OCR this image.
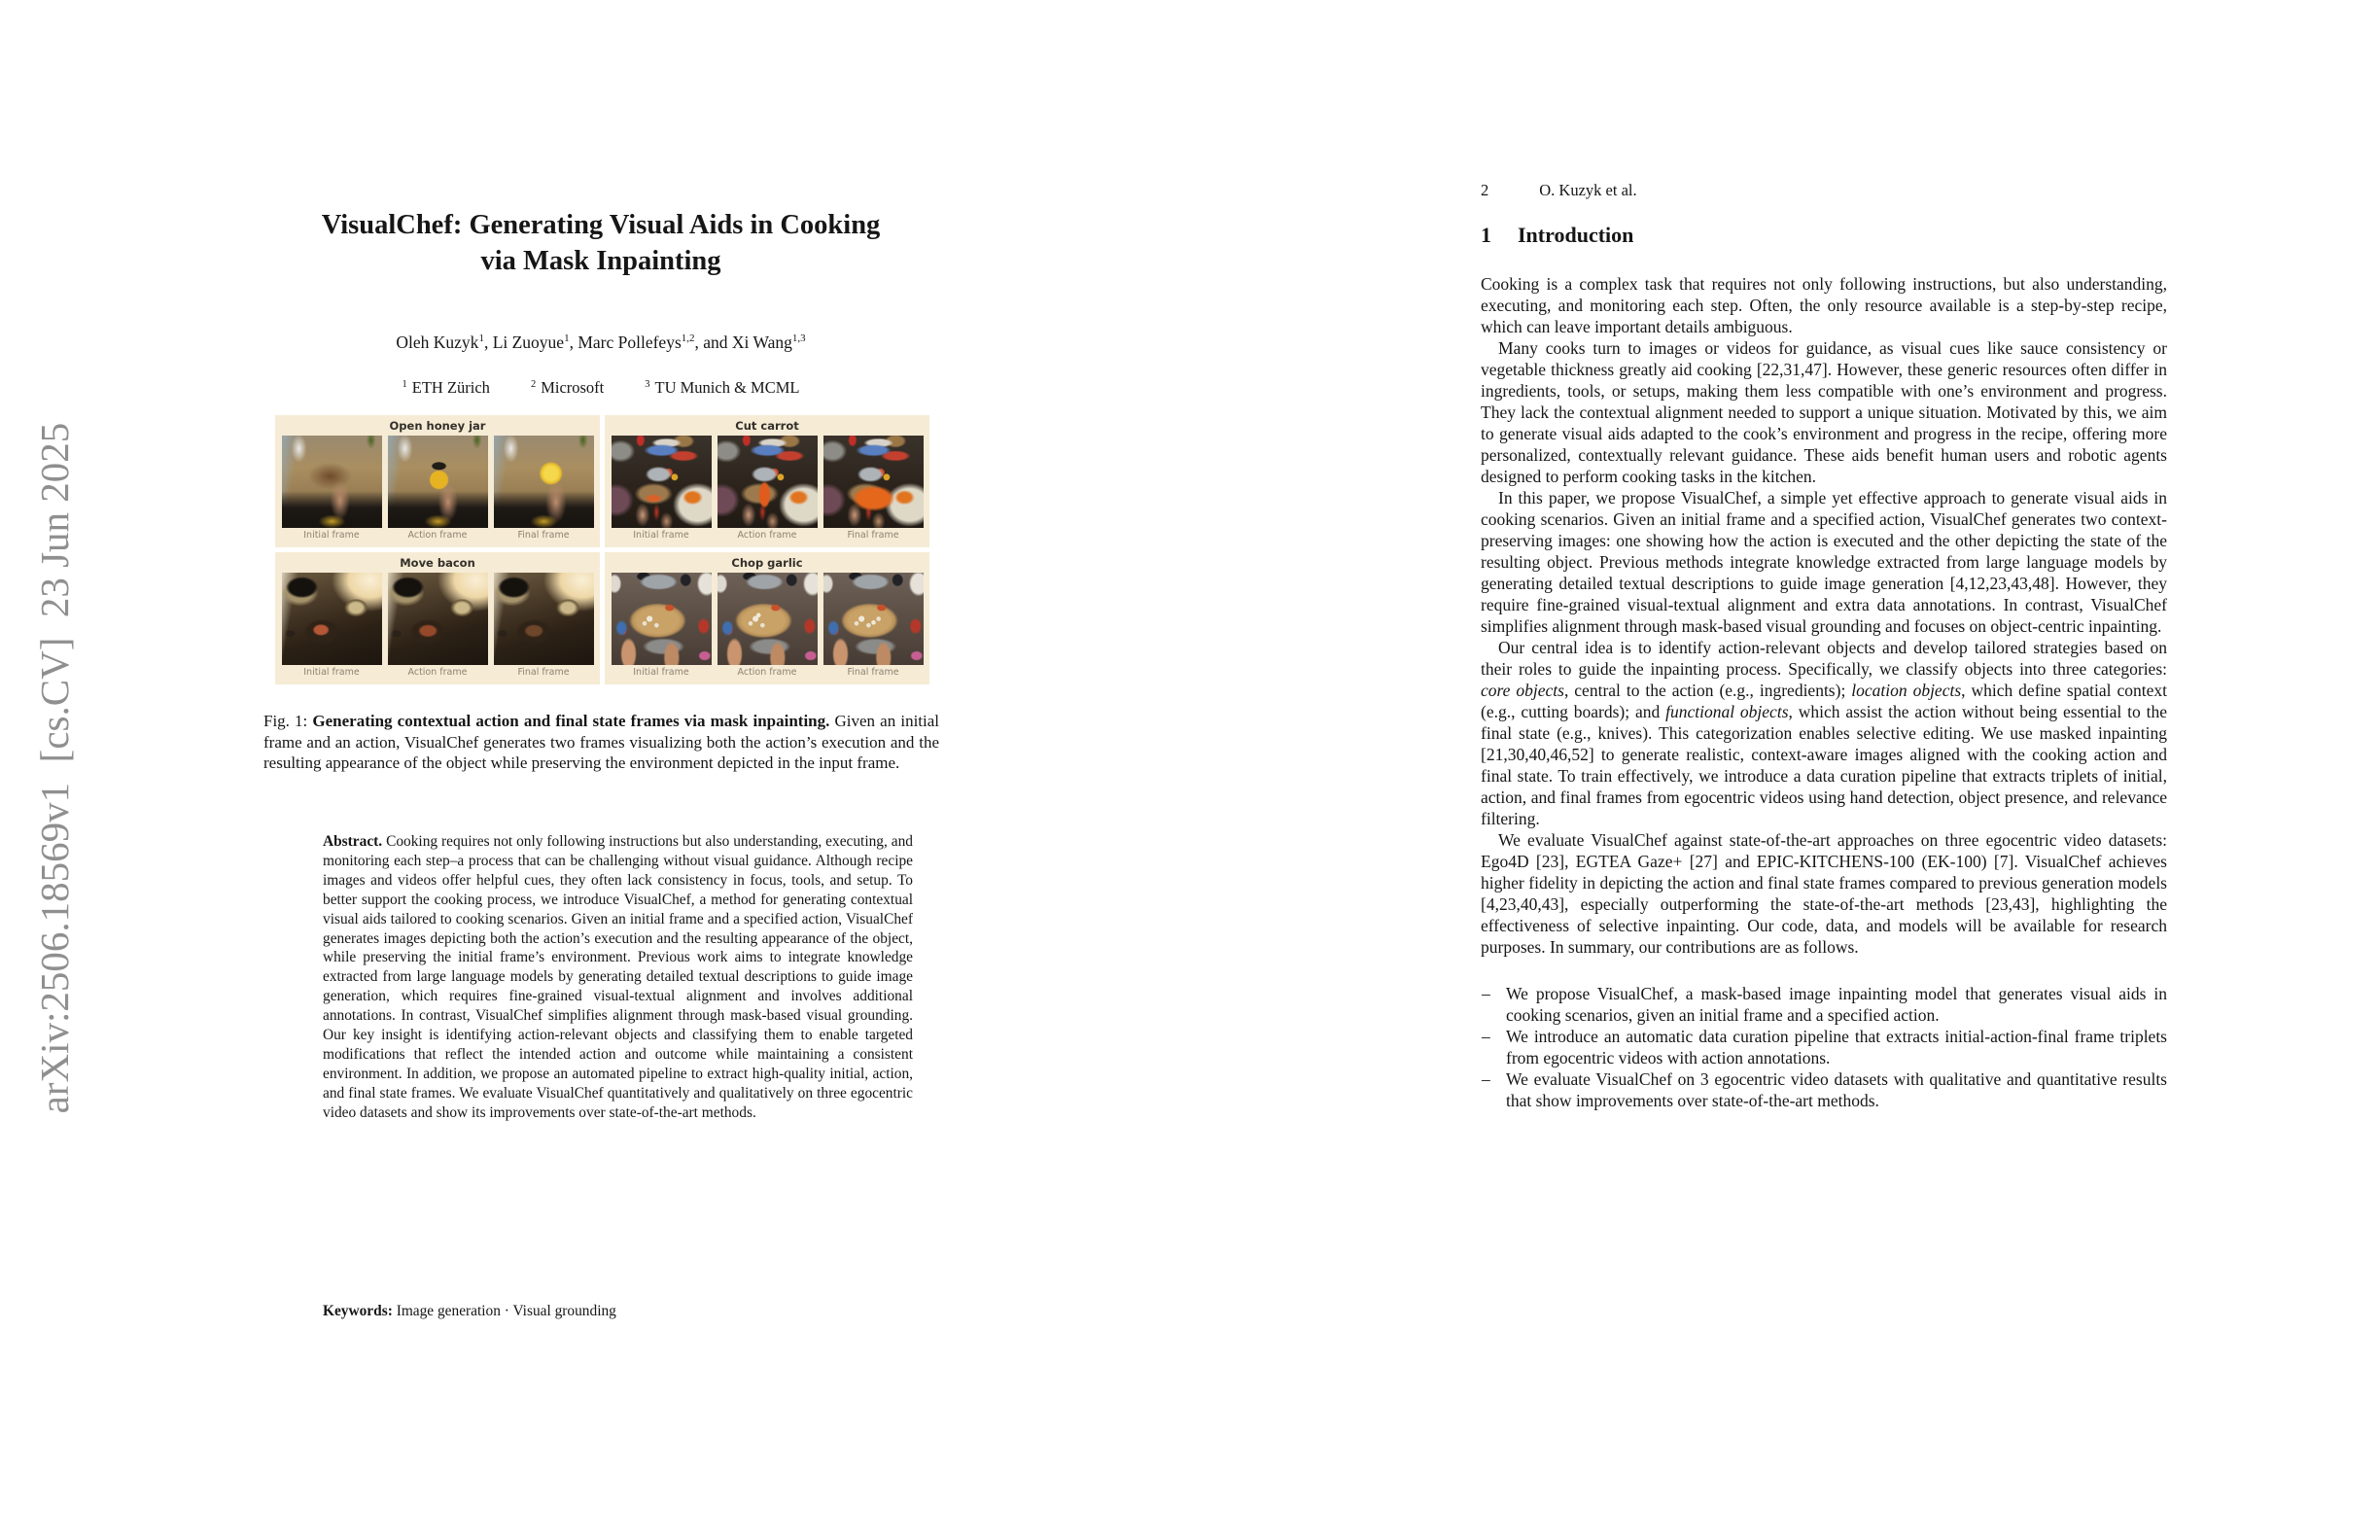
arXiv:2506.18569v1  [cs.CV]  23 Jun 2025
VisualChef: Generating Visual Aids in Cooking
via Mask Inpainting

Oleh Kuzyk$^1$, Li Zuoyue$^1$, Marc Pollefeys$^{1,2}$, and Xi Wang$^{1,3}$

$^1$ ETH Zürich	$^2$ Microsoft	$^3$ TU Munich & MCML

Open honey jar
Initial frame	Action frame	Final frame
Cut carrot
Initial frame	Action frame	Final frame
Move bacon
Initial frame	Action frame	Final frame
Chop garlic
Initial frame	Action frame	Final frame

Fig. 1: Generating contextual action and final state frames via mask inpainting. Given an initial frame and an action, VisualChef generates two frames visualizing both the action’s execution and the resulting appearance of the object while preserving the environment depicted in the input frame.

Abstract. Cooking requires not only following instructions but also understanding, executing, and monitoring each step–a process that can be challenging without visual guidance. Although recipe images and videos offer helpful cues, they often lack consistency in focus, tools, and setup. To better support the cooking process, we introduce VisualChef, a method for generating contextual visual aids tailored to cooking scenarios. Given an initial frame and a specified action, VisualChef generates images depicting both the action’s execution and the resulting appearance of the object, while preserving the initial frame’s environment. Previous work aims to integrate knowledge extracted from large language models by generating detailed textual descriptions to guide image generation, which requires fine-grained visual-textual alignment and involves additional annotations. In contrast, VisualChef simplifies alignment through mask-based visual grounding. Our key insight is identifying action-relevant objects and classifying them to enable targeted modifications that reflect the intended action and outcome while maintaining a consistent environment. In addition, we propose an automated pipeline to extract high-quality initial, action, and final state frames. We evaluate VisualChef quantitatively and qualitatively on three egocentric video datasets and show its improvements over state-of-the-art methods.

Keywords: Image generation · Visual grounding

2	O. Kuzyk et al.
1 Introduction

Cooking is a complex task that requires not only following instructions, but also understanding, executing, and monitoring each step. Often, the only resource available is a step-by-step recipe, which can leave important details ambiguous.

Many cooks turn to images or videos for guidance, as visual cues like sauce consistency or vegetable thickness greatly aid cooking [22,31,47]. However, these generic resources often differ in ingredients, tools, or setups, making them less compatible with one’s environment and progress. They lack the contextual alignment needed to support a unique situation. Motivated by this, we aim to generate visual aids adapted to the cook’s environment and progress in the recipe, offering more personalized, contextually relevant guidance. These aids benefit human users and robotic agents designed to perform cooking tasks in the kitchen.

In this paper, we propose VisualChef, a simple yet effective approach to generate visual aids in cooking scenarios. Given an initial frame and a specified action, VisualChef generates two context-preserving images: one showing how the action is executed and the other depicting the state of the resulting object. Previous methods integrate knowledge extracted from large language models by generating detailed textual descriptions to guide image generation [4,12,23,43,48]. However, they require fine-grained visual-textual alignment and extra data annotations. In contrast, VisualChef simplifies alignment through mask-based visual grounding and focuses on object-centric inpainting.

Our central idea is to identify action-relevant objects and develop tailored strategies based on their roles to guide the inpainting process. Specifically, we classify objects into three categories: core objects, central to the action (e.g., ingredients); location objects, which define spatial context (e.g., cutting boards); and functional objects, which assist the action without being essential to the final state (e.g., knives). This categorization enables selective editing. We use masked inpainting [21,30,40,46,52] to generate realistic, context-aware images aligned with the cooking action and final state. To train effectively, we introduce a data curation pipeline that extracts triplets of initial, action, and final frames from egocentric videos using hand detection, object presence, and relevance filtering.

We evaluate VisualChef against state-of-the-art approaches on three egocentric video datasets: Ego4D [23], EGTEA Gaze+ [27] and EPIC-KITCHENS-100 (EK-100) [7]. VisualChef achieves higher fidelity in depicting the action and final state frames compared to previous generation models [4,23,40,43], especially outperforming the state-of-the-art methods [23,43], highlighting the effectiveness of selective inpainting. Our code, data, and models will be available for research purposes. In summary, our contributions are as follows.

– We propose VisualChef, a mask-based image inpainting model that generates visual aids in cooking scenarios, given an initial frame and a specified action.

– We introduce an automatic data curation pipeline that extracts initial-action-final frame triplets from egocentric videos with action annotations.

– We evaluate VisualChef on 3 egocentric video datasets with qualitative and quantitative results that show improvements over state-of-the-art methods.
